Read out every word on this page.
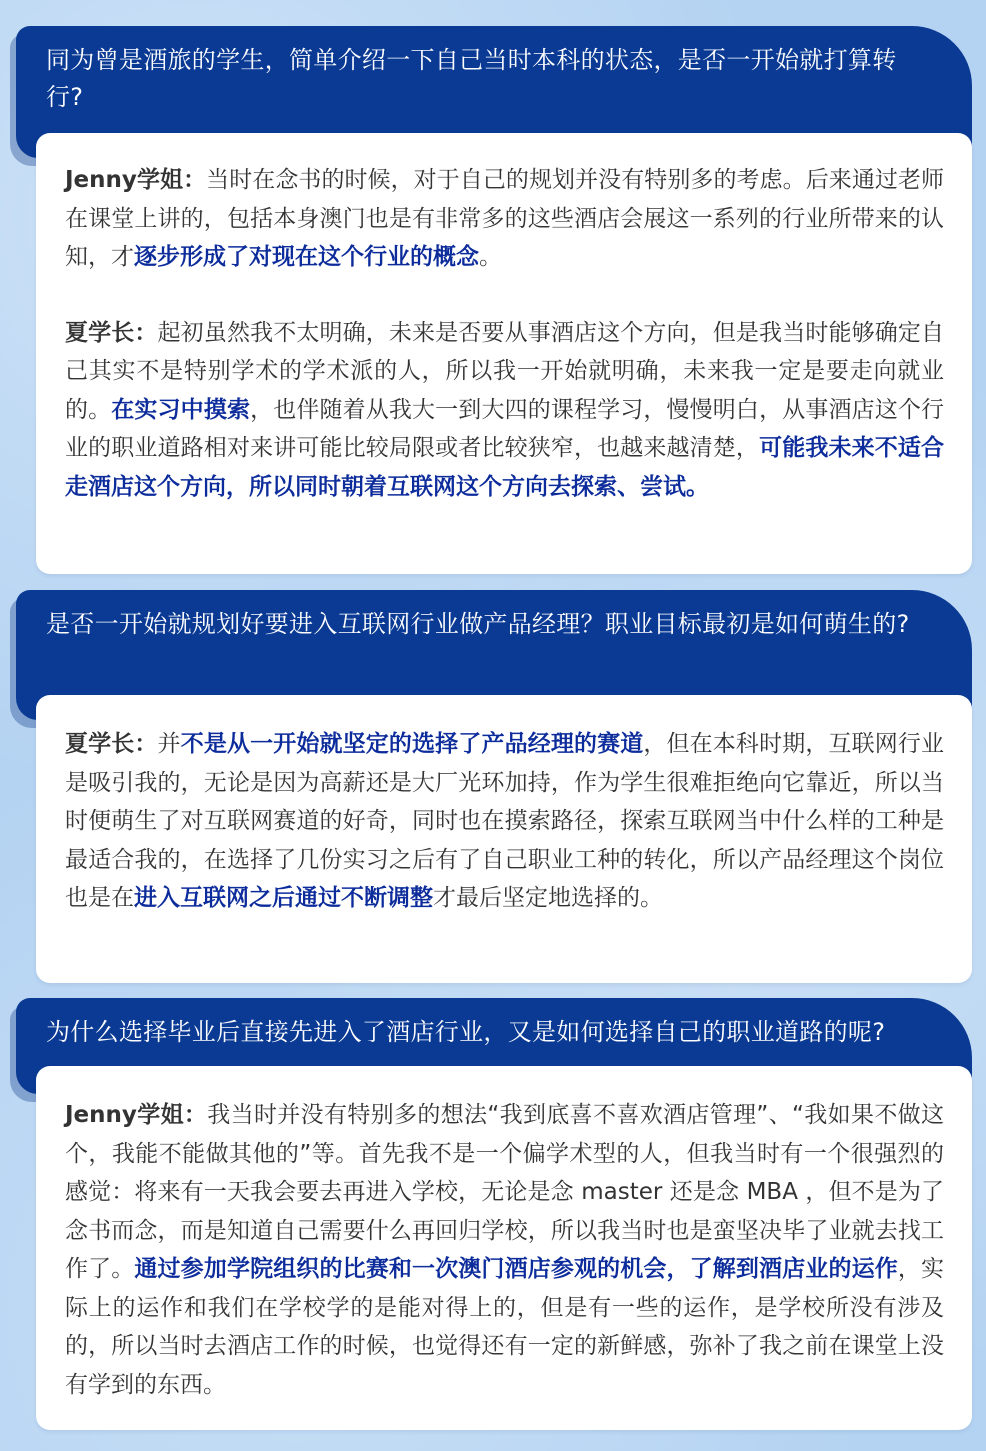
同为曾是酒旅的学生，简单介绍一下自己当时本科的状态，是否一开始就打算转行?

Jenny学姐：当时在念书的时候，对于自己的规划并没有特别多的考虑。后来通过老师在课堂上讲的，包括本身澳门也是有非常多的这些酒店会展这一系列的行业所带来的认知，才逐步形成了对现在这个行业的概念。

夏学长：起初虽然我不太明确，未来是否要从事酒店这个方向，但是我当时能够确定自己其实不是特别学术的学术派的人，所以我一开始就明确，未来我一定是要走向就业的。在实习中摸索，也伴随着从我大一到大四的课程学习，慢慢明白，从事酒店这个行业的职业道路相对来讲可能比较局限或者比较狭窄，也越来越清楚，可能我未来不适合走酒店这个方向，所以同时朝着互联网这个方向去探索、尝试。

是否一开始就规划好要进入互联网行业做产品经理？职业目标最初是如何萌生的?

夏学长：并不是从一开始就坚定的选择了产品经理的赛道，但在本科时期，互联网行业是吸引我的，无论是因为高薪还是大厂光环加持，作为学生很难拒绝向它靠近，所以当时便萌生了对互联网赛道的好奇，同时也在摸索路径，探索互联网当中什么样的工种是最适合我的，在选择了几份实习之后有了自己职业工种的转化，所以产品经理这个岗位也是在进入互联网之后通过不断调整才最后坚定地选择的。

为什么选择毕业后直接先进入了酒店行业，又是如何选择自己的职业道路的呢?

Jenny学姐：我当时并没有特别多的想法“我到底喜不喜欢酒店管理”、“我如果不做这个，我能不能做其他的”等。首先我不是一个偏学术型的人，但我当时有一个很强烈的感觉：将来有一天我会要去再进入学校，无论是念 master 还是念 MBA ，但不是为了念书而念，而是知道自己需要什么再回归学校，所以我当时也是蛮坚决毕了业就去找工作了。通过参加学院组织的比赛和一次澳门酒店参观的机会，了解到酒店业的运作，实际上的运作和我们在学校学的是能对得上的，但是有一些的运作，是学校所没有涉及的，所以当时去酒店工作的时候，也觉得还有一定的新鲜感，弥补了我之前在课堂上没有学到的东西。
